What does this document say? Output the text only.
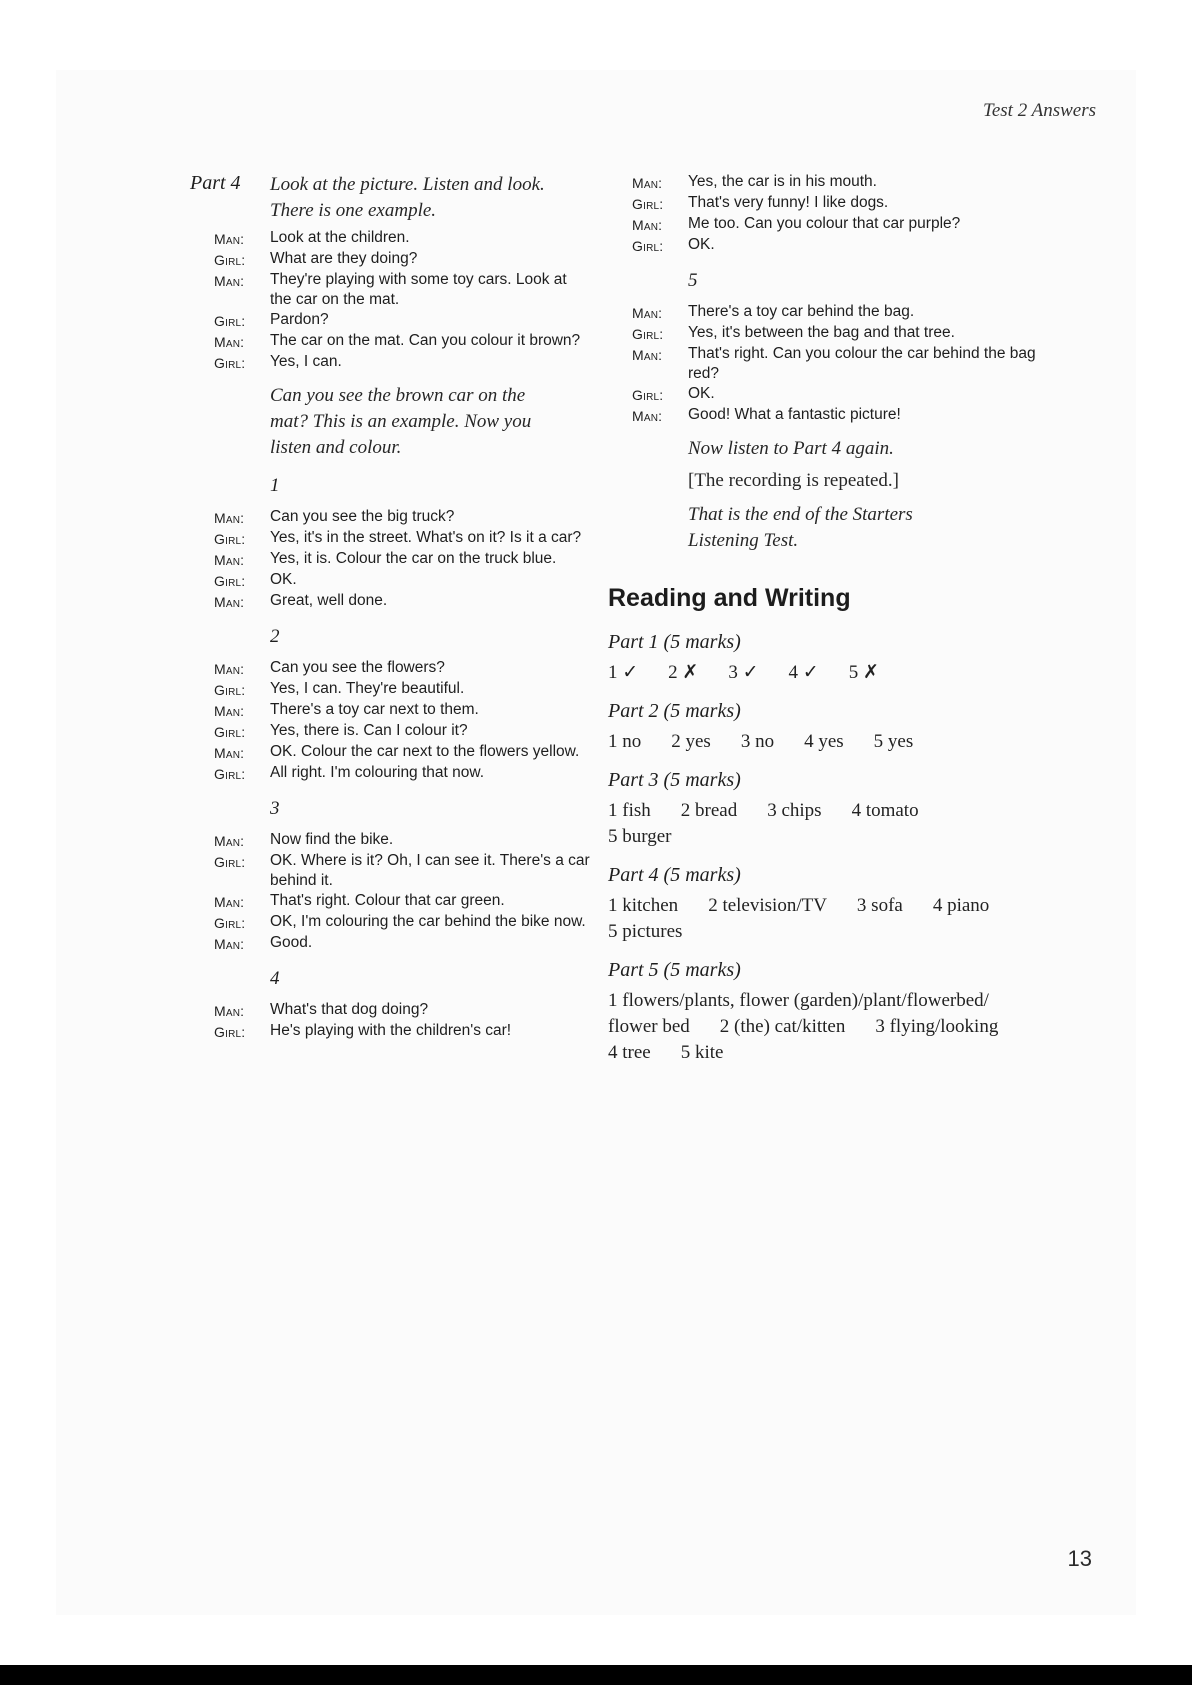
Test 2 Answers
13
Part 4	Look at the picture. Listen and look. There is one example.
Man:	Look at the children.
Girl:	What are they doing?
Man:	They're playing with some toy cars. Look at the car on the mat.
Girl:	Pardon?
Man:	The car on the mat. Can you colour it brown?
Girl:	Yes, I can.
Can you see the brown car on the mat? This is an example. Now you listen and colour.
1
Man:	Can you see the big truck?
Girl:	Yes, it's in the street. What's on it? Is it a car?
Man:	Yes, it is. Colour the car on the truck blue.
Girl:	OK.
Man:	Great, well done.
2
Man:	Can you see the flowers?
Girl:	Yes, I can. They're beautiful.
Man:	There's a toy car next to them.
Girl:	Yes, there is. Can I colour it?
Man:	OK. Colour the car next to the flowers yellow.
Girl:	All right. I'm colouring that now.
3
Man:	Now find the bike.
Girl:	OK. Where is it? Oh, I can see it. There's a car behind it.
Man:	That's right. Colour that car green.
Girl:	OK, I'm colouring the car behind the bike now.
Man:	Good.
4
Man:	What's that dog doing?
Girl:	He's playing with the children's car!
Man:	Yes, the car is in his mouth.
Girl:	That's very funny! I like dogs.
Man:	Me too. Can you colour that car purple?
Girl:	OK.
5
Man:	There's a toy car behind the bag.
Girl:	Yes, it's between the bag and that tree.
Man:	That's right. Can you colour the car behind the bag red?
Girl:	OK.
Man:	Good! What a fantastic picture!
Now listen to Part 4 again.
[The recording is repeated.]
That is the end of the Starters Listening Test.
Reading and Writing
Part 1 (5 marks)
1 ✓ 2 ✗ 3 ✓ 4 ✓ 5 ✗
Part 2 (5 marks)
1 no 2 yes 3 no 4 yes 5 yes
Part 3 (5 marks)
1 fish 2 bread 3 chips 4 tomato
5 burger
Part 4 (5 marks)
1 kitchen 2 television/TV 3 sofa 4 piano
5 pictures
Part 5 (5 marks)
1 flowers/plants, flower (garden)/plant/flowerbed/
flower bed 2 (the) cat/kitten 3 flying/looking
4 tree 5 kite
